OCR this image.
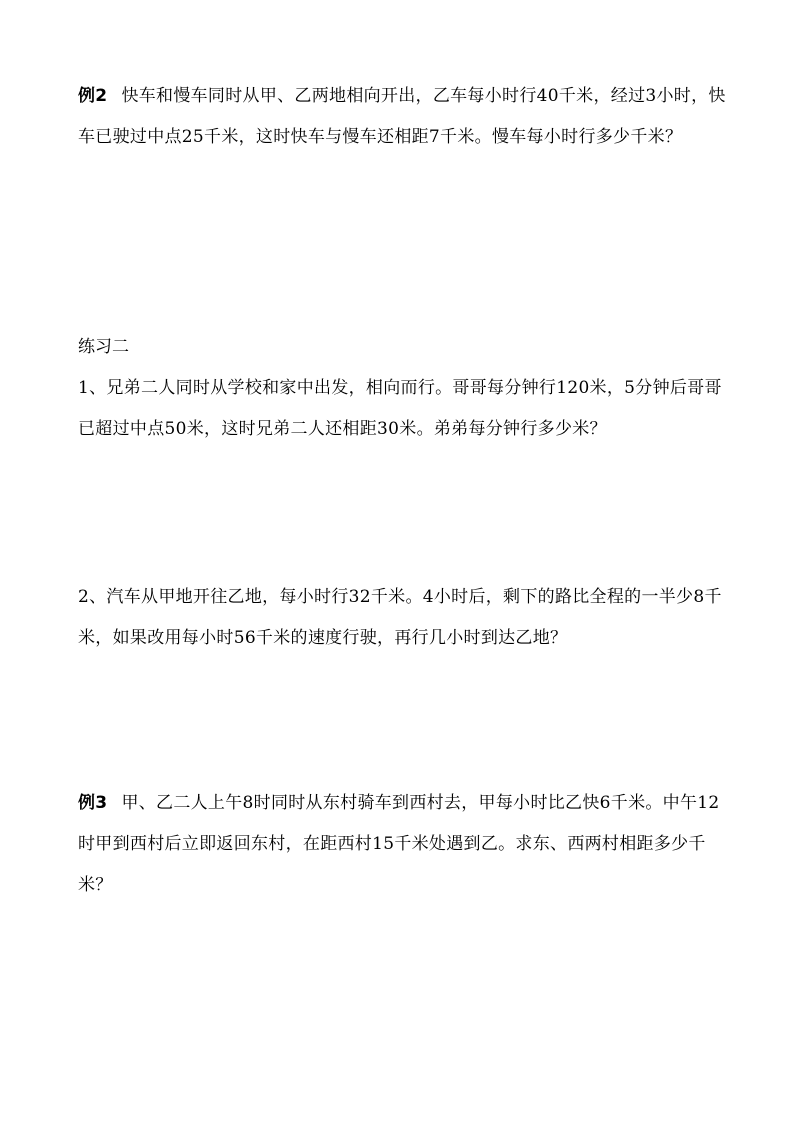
例2 快车和慢车同时从甲、乙两地相向开出，乙车每小时行40千米，经过3小时，快车已驶过中点25千米，这时快车与慢车还相距7千米。慢车每小时行多少千米？
练习二
1、兄弟二人同时从学校和家中出发，相向而行。哥哥每分钟行120米，5分钟后哥哥已超过中点50米，这时兄弟二人还相距30米。弟弟每分钟行多少米？
2、汽车从甲地开往乙地，每小时行32千米。4小时后，剩下的路比全程的一半少8千米，如果改用每小时56千米的速度行驶，再行几小时到达乙地？
例3 甲、乙二人上午8时同时从东村骑车到西村去，甲每小时比乙快6千米。中午12时甲到西村后立即返回东村，在距西村15千米处遇到乙。求东、西两村相距多少千米？
